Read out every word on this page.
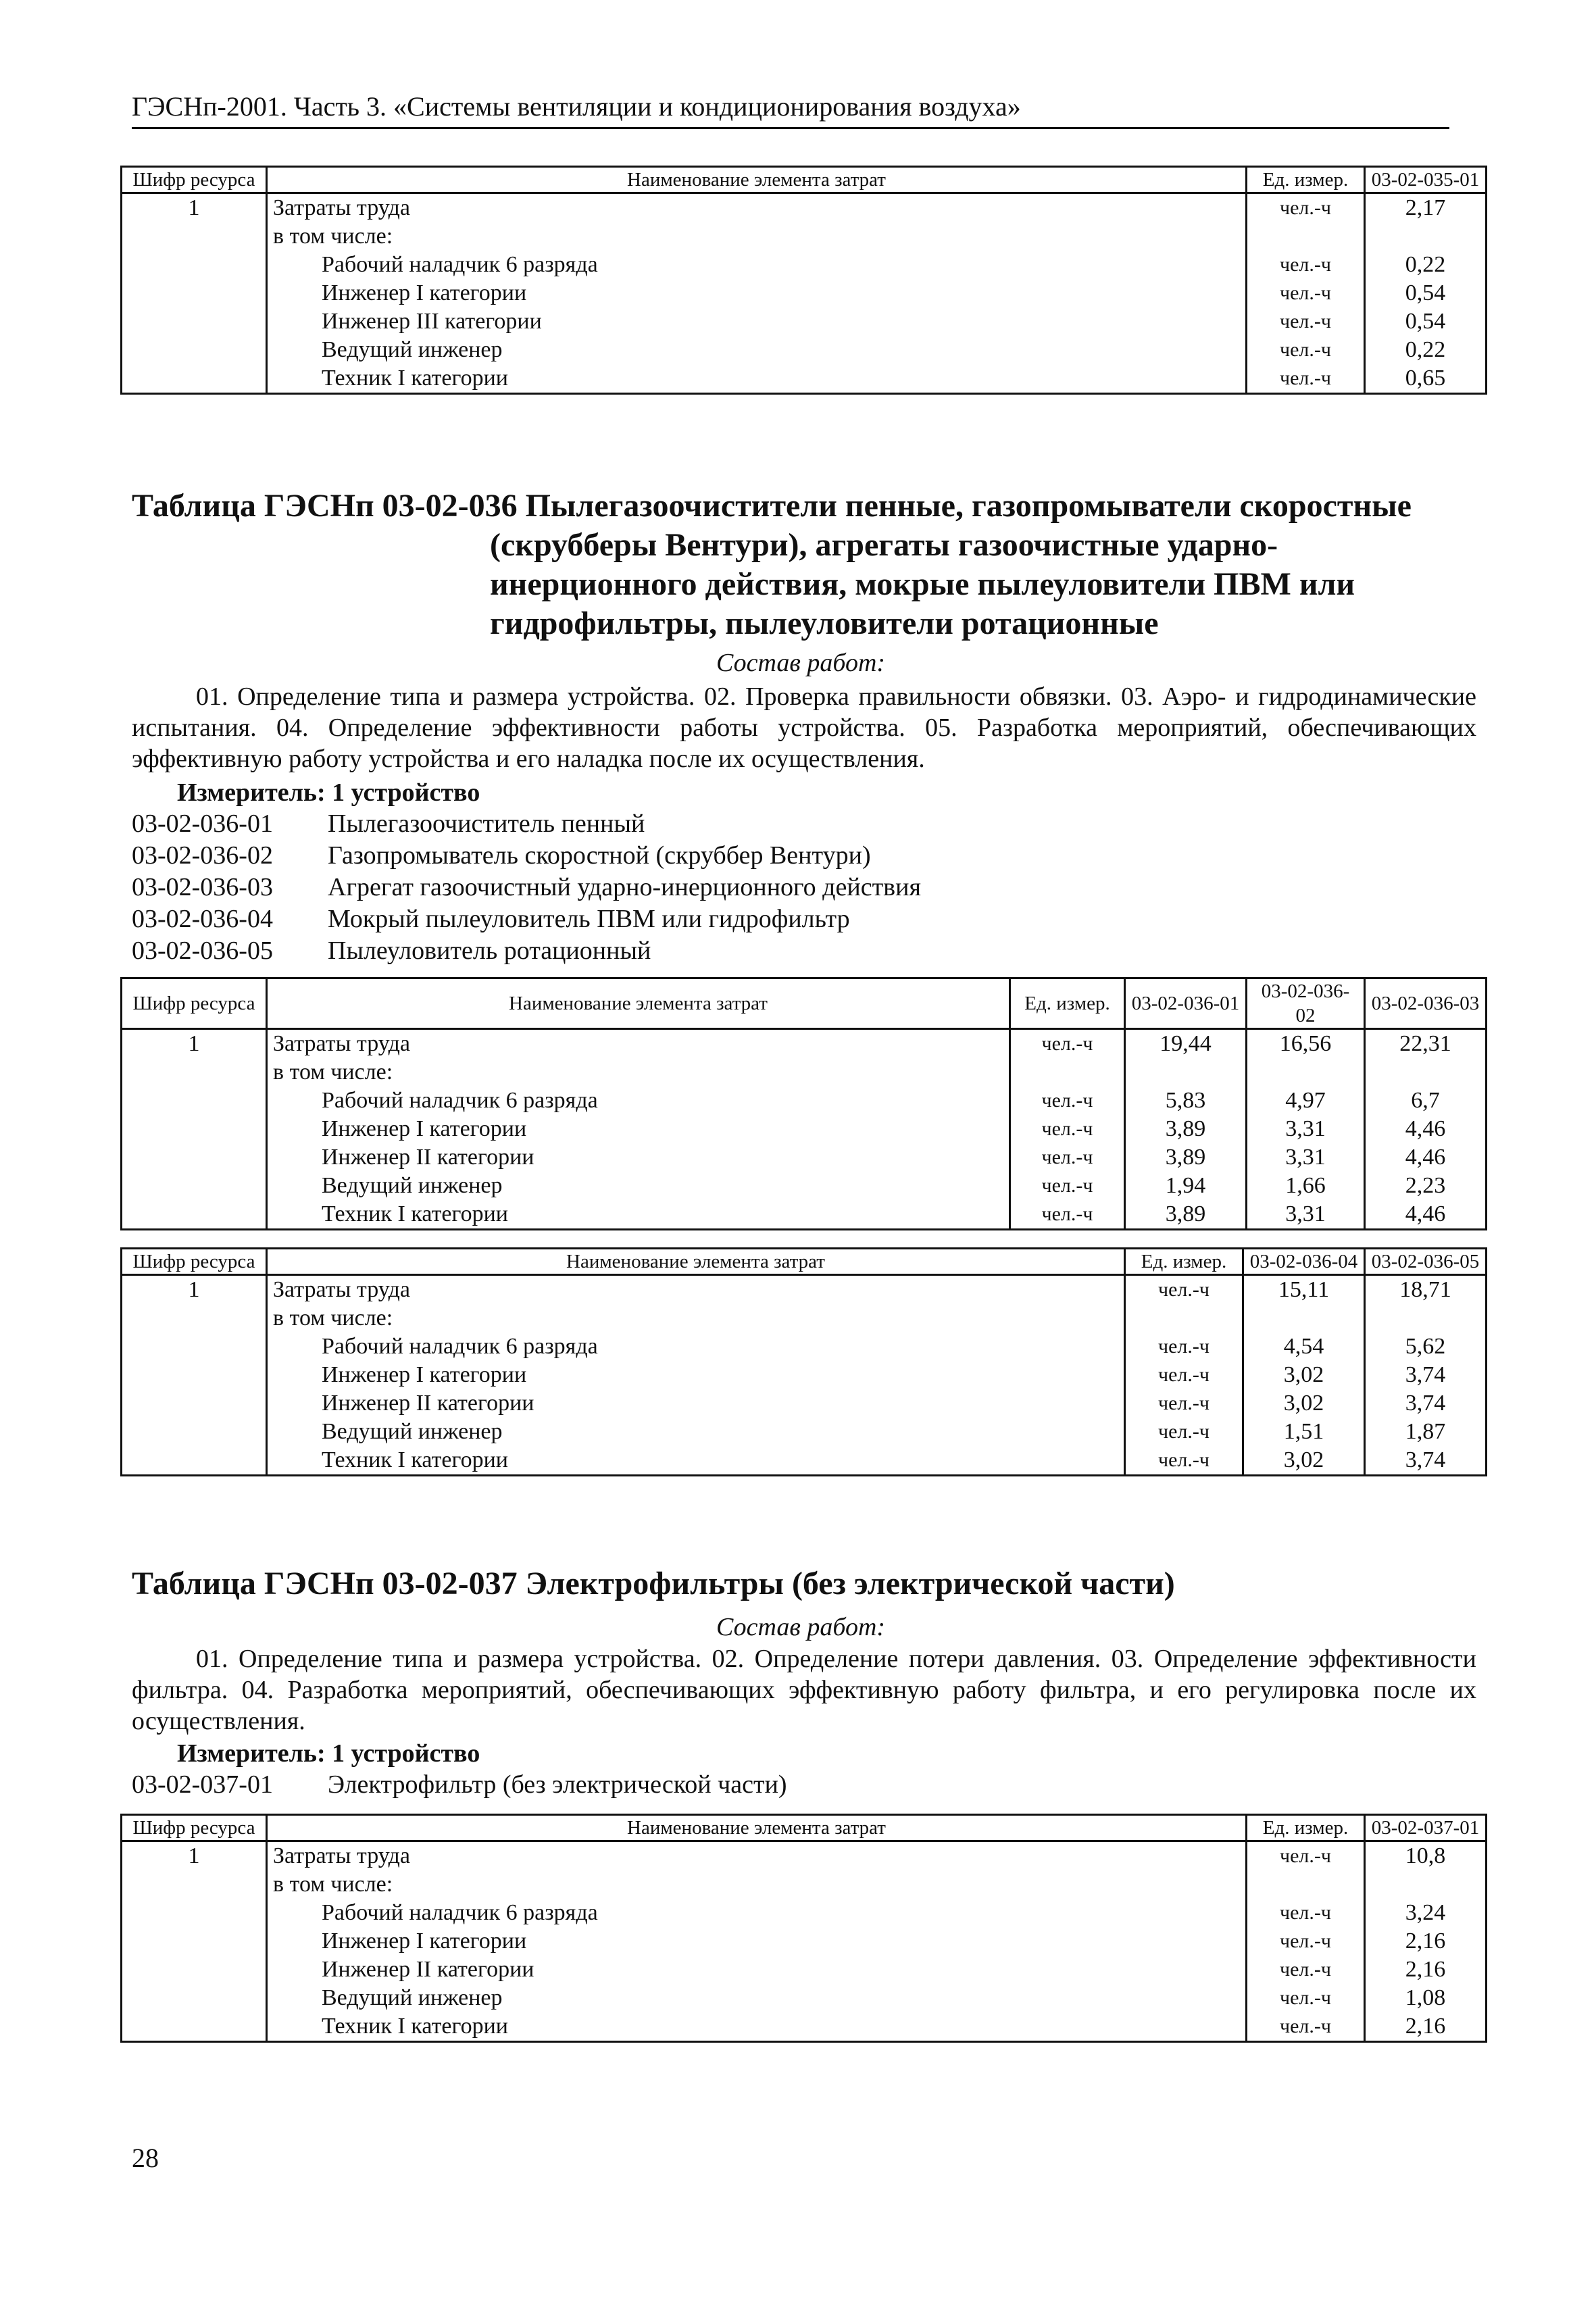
ГЭСНп-2001. Часть 3. «Системы вентиляции и кондиционирования воздуха»
Шифр ресурса	Наименование элемента затрат	Ед. измер.	03-02-035-01
1	Затраты труда	чел.-ч	2,17
	в том числе:		
	Рабочий наладчик 6 разряда	чел.-ч	0,22
	Инженер I категории	чел.-ч	0,54
	Инженер III категории	чел.-ч	0,54
	Ведущий инженер	чел.-ч	0,22
	Техник I категории	чел.-ч	0,65
Таблица ГЭСНп 03-02-036 Пылегазоочистители пенные, газопромыватели скоростные
(скрубберы Вентури), агрегаты газоочистные ударно-
инерционного действия, мокрые пылеуловители ПВМ или
гидрофильтры, пылеуловители ротационные
Состав работ:

01. Определение типа и размера устройства. 02. Проверка правильности обвязки. 03. Аэро- и гидродинамические испытания. 04. Определение эффективности работы устройства. 05. Разработка мероприятий, обеспечивающих эффективную работу устройства и его наладка после их осуществления.

Измеритель: 1 устройство
03-02-036-01	Пылегазоочиститель пенный
03-02-036-02	Газопромыватель скоростной (скруббер Вентури)
03-02-036-03	Агрегат газоочистный ударно-инерционного действия
03-02-036-04	Мокрый пылеуловитель ПВМ или гидрофильтр
03-02-036-05	Пылеуловитель ротационный
Шифр ресурса	Наименование элемента затрат	Ед. измер.	03-02-036-01	03-02-036-02	03-02-036-03
1	Затраты труда	чел.-ч	19,44	16,56	22,31
	в том числе:				
	Рабочий наладчик 6 разряда	чел.-ч	5,83	4,97	6,7
	Инженер I категории	чел.-ч	3,89	3,31	4,46
	Инженер II категории	чел.-ч	3,89	3,31	4,46
	Ведущий инженер	чел.-ч	1,94	1,66	2,23
	Техник I категории	чел.-ч	3,89	3,31	4,46
Шифр ресурса	Наименование элемента затрат	Ед. измер.	03-02-036-04	03-02-036-05
1	Затраты труда	чел.-ч	15,11	18,71
	в том числе:			
	Рабочий наладчик 6 разряда	чел.-ч	4,54	5,62
	Инженер I категории	чел.-ч	3,02	3,74
	Инженер II категории	чел.-ч	3,02	3,74
	Ведущий инженер	чел.-ч	1,51	1,87
	Техник I категории	чел.-ч	3,02	3,74
Таблица ГЭСНп 03-02-037 Электрофильтры (без электрической части)
Состав работ:

01. Определение типа и размера устройства. 02. Определение потери давления. 03. Определение эффективности фильтра. 04. Разработка мероприятий, обеспечивающих эффективную работу фильтра, и его регулировка после их осуществления.

Измеритель: 1 устройство
03-02-037-01	Электрофильтр (без электрической части)
Шифр ресурса	Наименование элемента затрат	Ед. измер.	03-02-037-01
1	Затраты труда	чел.-ч	10,8
	в том числе:		
	Рабочий наладчик 6 разряда	чел.-ч	3,24
	Инженер I категории	чел.-ч	2,16
	Инженер II категории	чел.-ч	2,16
	Ведущий инженер	чел.-ч	1,08
	Техник I категории	чел.-ч	2,16
28
